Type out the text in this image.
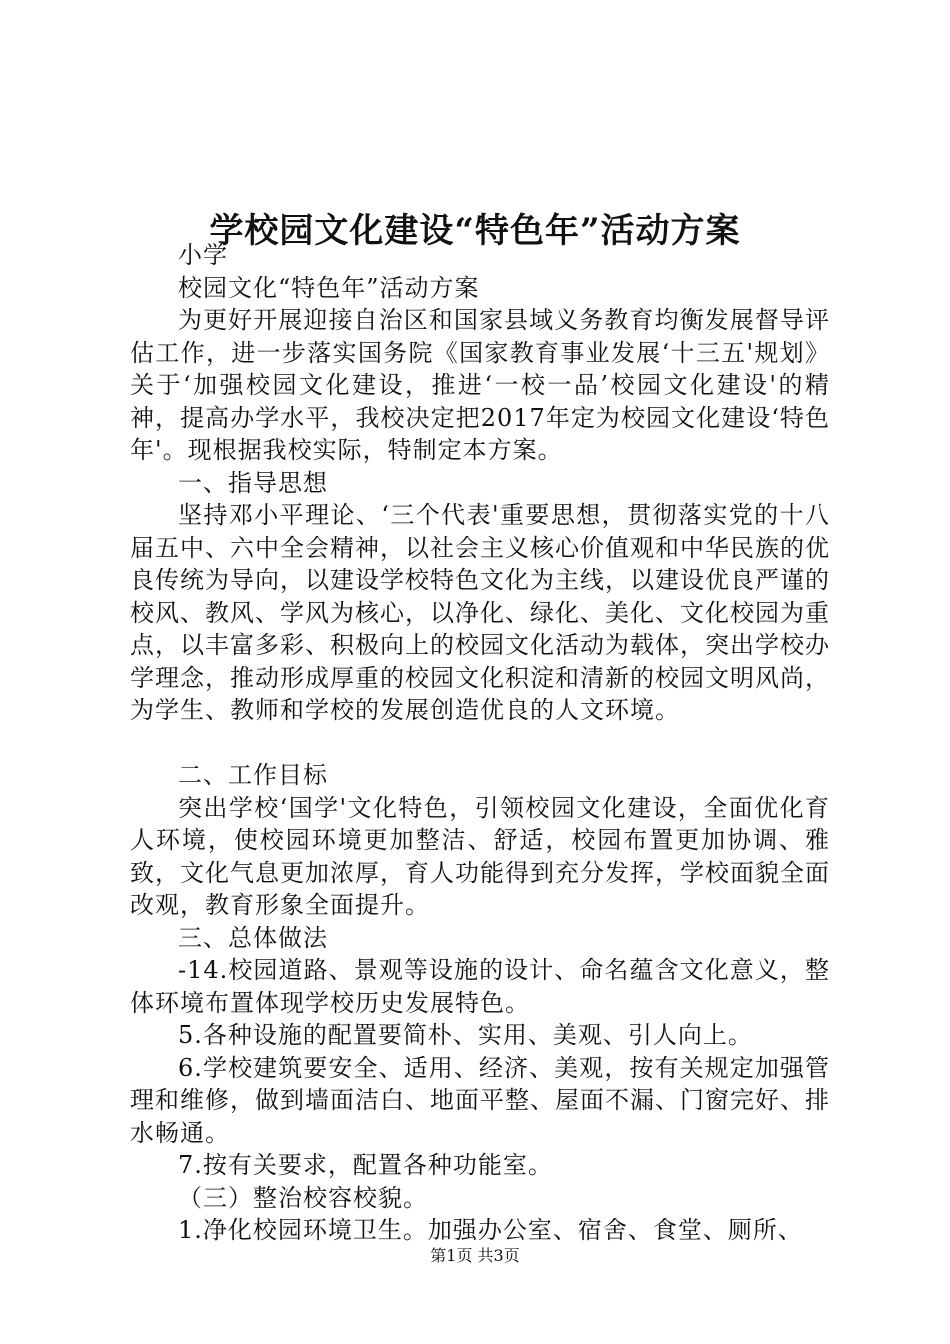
学校园文化建设“特色年”活动方案

小学

校园文化“特色年”活动方案

为更好开展迎接自治区和国家县域义务教育均衡发展督导评估工作，进一步落实国务院《国家教育事业发展‘十三五'规划》关于‘加强校园文化建设，推进‘一校一品’校园文化建设'的精神，提高办学水平，我校决定把2017年定为校园文化建设‘特色年'。现根据我校实际，特制定本方案。

一、指导思想

坚持邓小平理论、‘三个代表'重要思想，贯彻落实党的十八届五中、六中全会精神，以社会主义核心价值观和中华民族的优良传统为导向，以建设学校特色文化为主线，以建设优良严谨的校风、教风、学风为核心，以净化、绿化、美化、文化校园为重点，以丰富多彩、积极向上的校园文化活动为载体，突出学校办学理念，推动形成厚重的校园文化积淀和清新的校园文明风尚，为学生、教师和学校的发展创造优良的人文环境。

二、工作目标

突出学校‘国学'文化特色，引领校园文化建设，全面优化育人环境，使校园环境更加整洁、舒适，校园布置更加协调、雅致，文化气息更加浓厚，育人功能得到充分发挥，学校面貌全面改观，教育形象全面提升。

三、总体做法

-14.校园道路、景观等设施的设计、命名蕴含文化意义，整体环境布置体现学校历史发展特色。

5.各种设施的配置要简朴、实用、美观、引人向上。

6.学校建筑要安全、适用、经济、美观，按有关规定加强管理和维修，做到墙面洁白、地面平整、屋面不漏、门窗完好、排水畅通。

7.按有关要求，配置各种功能室。

（三）整治校容校貌。

1.净化校园环境卫生。加强办公室、宿舍、食堂、厕所、

第1页 共3页
